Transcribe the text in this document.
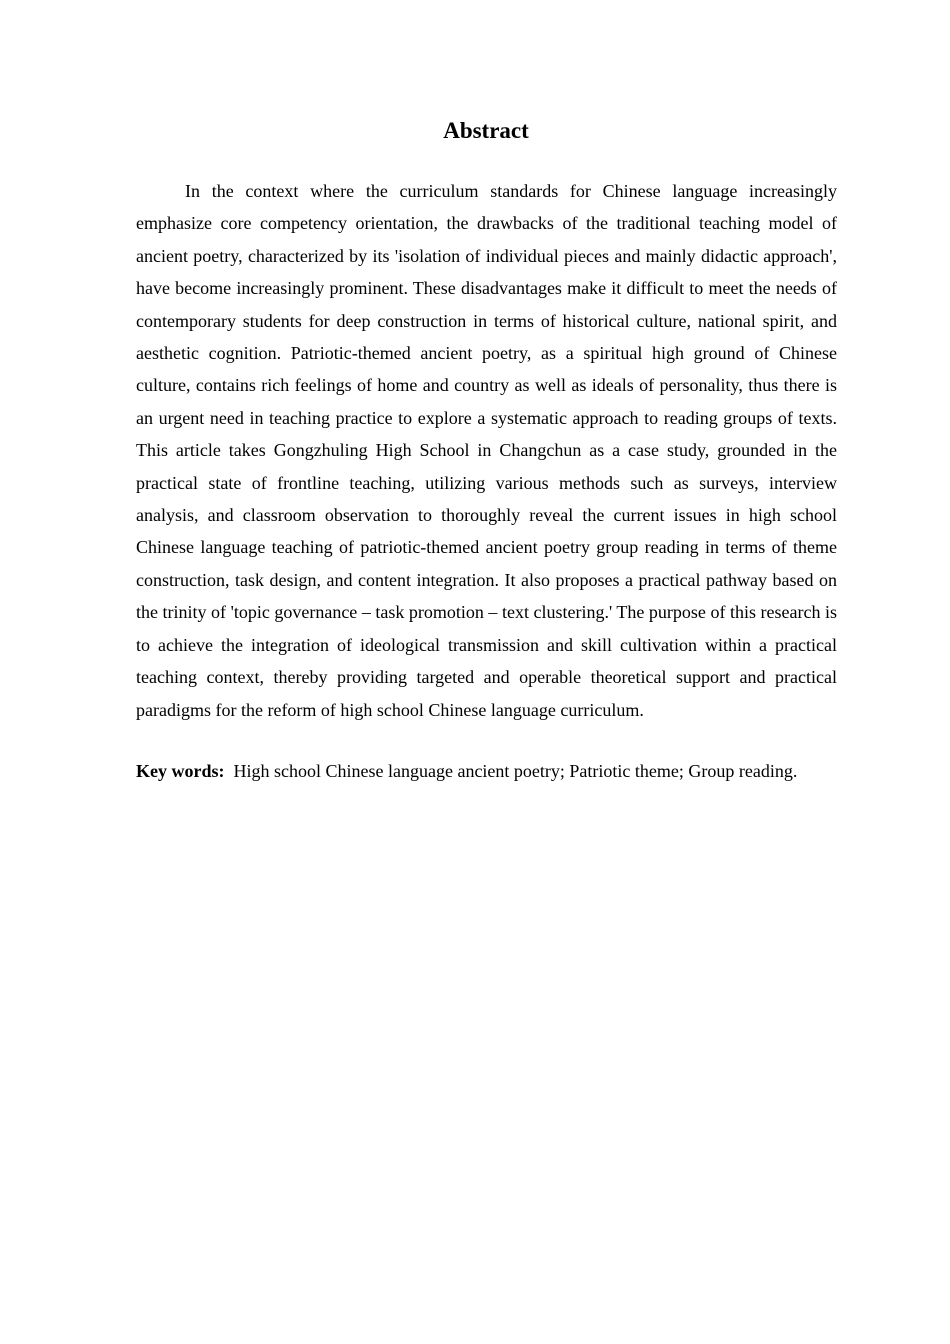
Abstract

In the context where the curriculum standards for Chinese language increasingly emphasize core competency orientation, the drawbacks of the traditional teaching model of ancient poetry, characterized by its 'isolation of individual pieces and mainly didactic approach', have become increasingly prominent. These disadvantages make it difficult to meet the needs of contemporary students for deep construction in terms of historical culture, national spirit, and aesthetic cognition. Patriotic-themed ancient poetry, as a spiritual high ground of Chinese culture, contains rich feelings of home and country as well as ideals of personality, thus there is an urgent need in teaching practice to explore a systematic approach to reading groups of texts. This article takes Gongzhuling High School in Changchun as a case study, grounded in the practical state of frontline teaching, utilizing various methods such as surveys, interview analysis, and classroom observation to thoroughly reveal the current issues in high school Chinese language teaching of patriotic-themed ancient poetry group reading in terms of theme construction, task design, and content integration. It also proposes a practical pathway based on the trinity of 'topic governance – task promotion – text clustering.' The purpose of this research is to achieve the integration of ideological transmission and skill cultivation within a practical teaching context, thereby providing targeted and operable theoretical support and practical paradigms for the reform of high school Chinese language curriculum.

Key words: High school Chinese language ancient poetry; Patriotic theme; Group reading.
